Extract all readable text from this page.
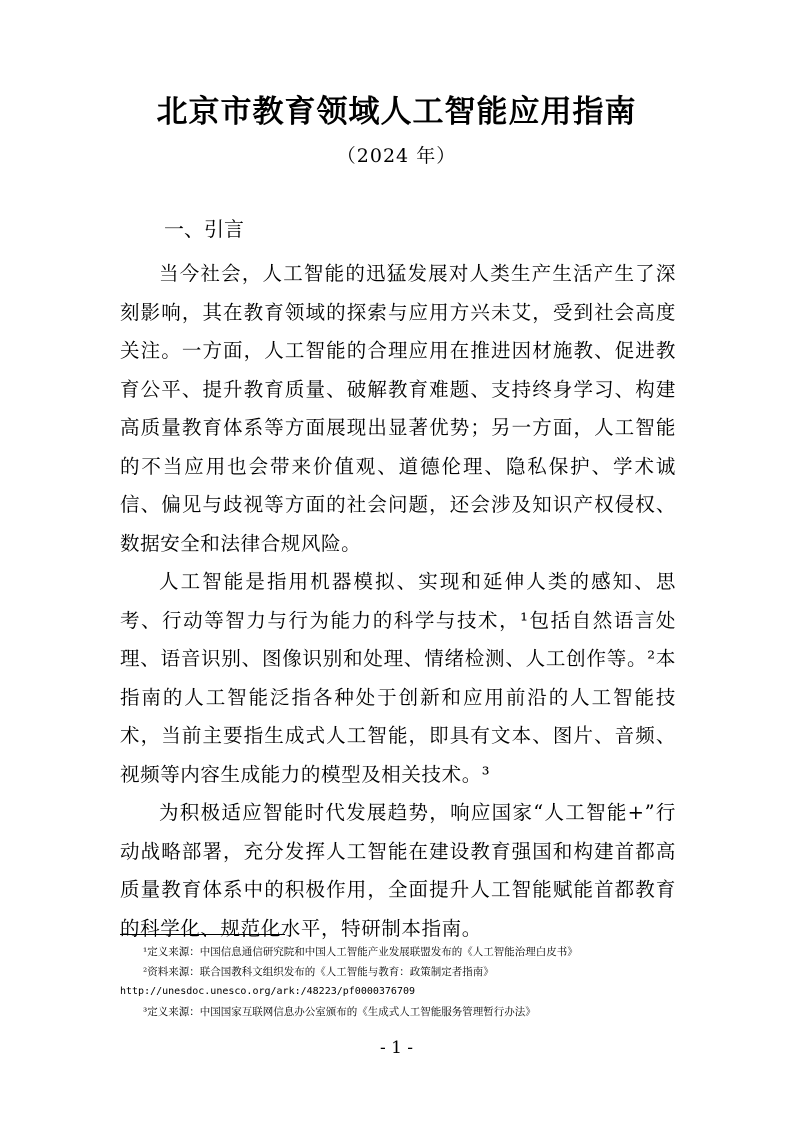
北京市教育领域人工智能应用指南
（2024 年）
一、引言

当今社会，人工智能的迅猛发展对人类生产生活产生了深刻影响，其在教育领域的探索与应用方兴未艾，受到社会高度关注。一方面，人工智能的合理应用在推进因材施教、促进教育公平、提升教育质量、破解教育难题、支持终身学习、构建高质量教育体系等方面展现出显著优势；另一方面，人工智能的不当应用也会带来价值观、道德伦理、隐私保护、学术诚信、偏见与歧视等方面的社会问题，还会涉及知识产权侵权、数据安全和法律合规风险。

人工智能是指用机器模拟、实现和延伸人类的感知、思考、行动等智力与行为能力的科学与技术，¹包括自然语言处理、语音识别、图像识别和处理、情绪检测、人工创作等。²本指南的人工智能泛指各种处于创新和应用前沿的人工智能技术，当前主要指生成式人工智能，即具有文本、图片、音频、视频等内容生成能力的模型及相关技术。³

为积极适应智能时代发展趋势，响应国家“人工智能+”行动战略部署，充分发挥人工智能在建设教育强国和构建首都高质量教育体系中的积极作用，全面提升人工智能赋能首都教育的科学化、规范化水平，特研制本指南。

¹定义来源：中国信息通信研究院和中国人工智能产业发展联盟发布的《人工智能治理白皮书》

²资料来源：联合国教科文组织发布的《人工智能与教育：政策制定者指南》

http://unesdoc.unesco.org/ark:/48223/pf0000376709

³定义来源：中国国家互联网信息办公室颁布的《生成式人工智能服务管理暂行办法》

- 1 -
